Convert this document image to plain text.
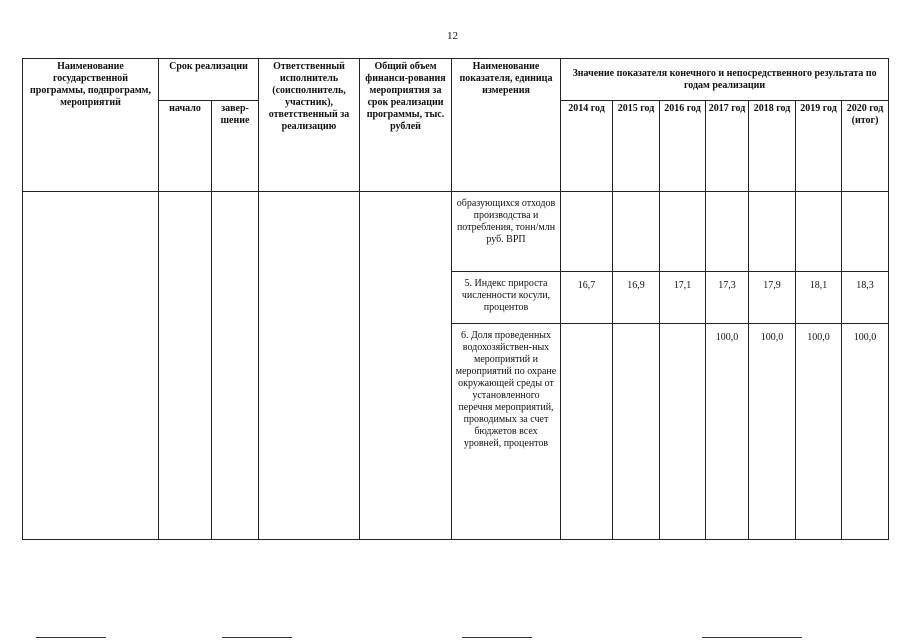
12
Наименование государственной программы, подпрограмм, мероприятий	Срок реализации		Ответственный исполнитель (соисполнитель, участник), ответственный за реализацию	Общий объем финанси-рования мероприятия за срок реализации программы, тыс. рублей	Наименование показателя, единица измерения	Значение показателя конечного и непосредственного результата по годам реализации						
	начало	завер-шение				2014 год	2015 год	2016 год	2017 год	2018 год	2019 год	2020 год (итог)
					образующихся отходов производства и потребления, тонн/млн руб. ВРП							
					5. Индекс прироста численности косули, процентов	16,7	16,9	17,1	17,3	17,9	18,1	18,3
					6. Доля проведенных водохозяйствен-ных мероприятий и мероприятий по охране окружающей среды от установленного перечня мероприятий, проводимых за счет бюджетов всех уровней, процентов				100,0	100,0	100,0	100,0
